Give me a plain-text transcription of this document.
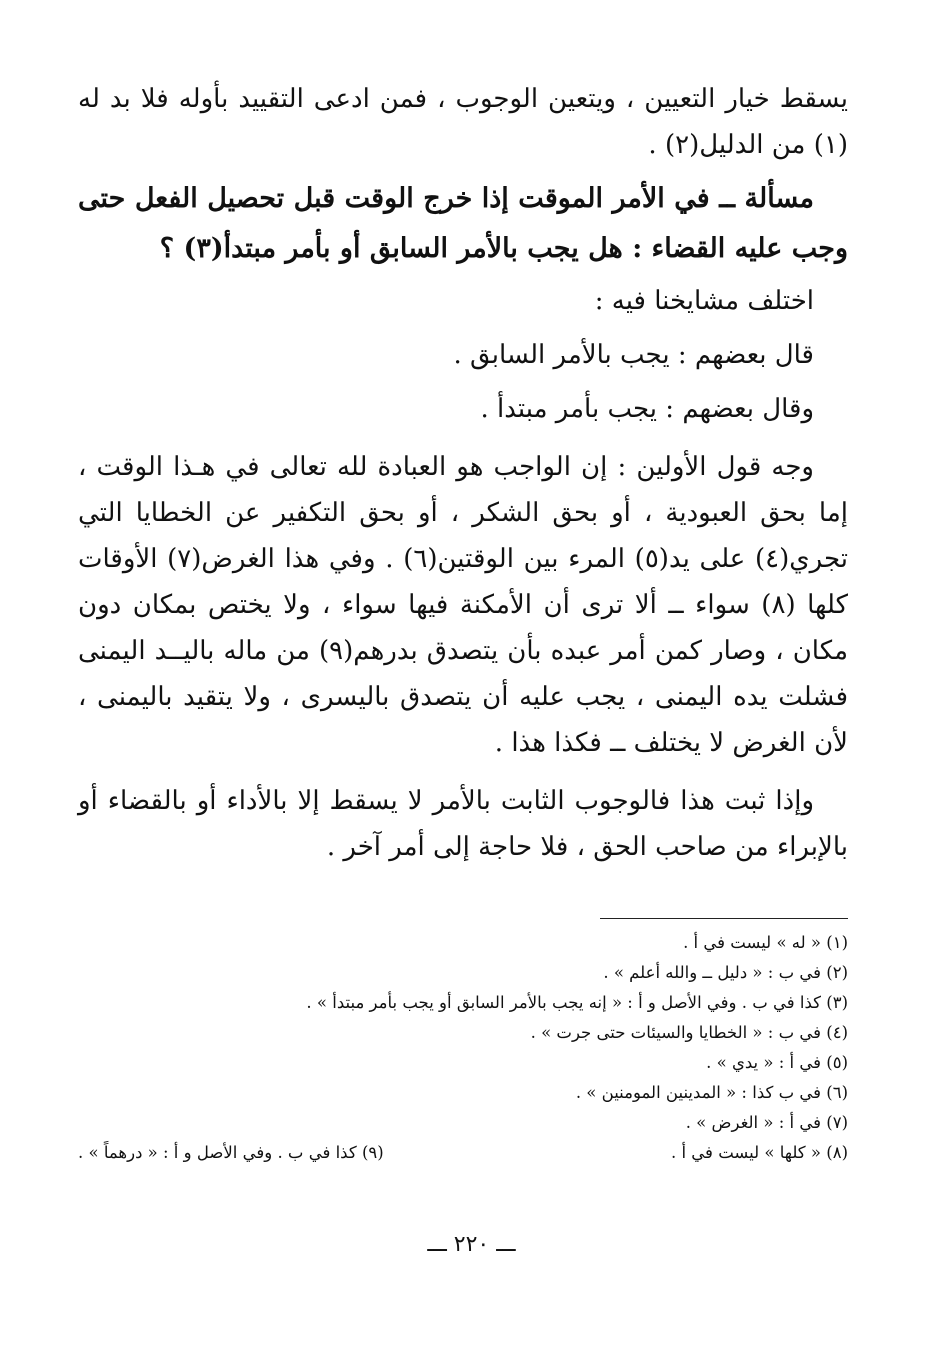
يسقط خيار التعيين ، ويتعين الوجوب ، فمن ادعى التقييد بأوله فلا بد له (١) من الدليل(٢) .

مسألة ــ في الأمر الموقت إذا خرج الوقت قبل تحصيل الفعل حتى وجب عليه القضاء : هل يجب بالأمر السابق أو بأمر مبتدأ(٣) ؟

اختلف مشايخنا فيه :

قال بعضهم : يجب بالأمر السابق .

وقال بعضهم : يجب بأمر مبتدأ .

وجه قول الأولين : إن الواجب هو العبادة لله تعالى في هـذا الوقت ، إما بحق العبودية ، أو بحق الشكر ، أو بحق التكفير عن الخطايا التي تجري(٤) على يد(٥) المرء بين الوقتين(٦) . وفي هذا الغرض(٧) الأوقات كلها (٨) سواء ــ ألا ترى أن الأمكنة فيها سواء ، ولا يختص بمكان دون مكان ، وصار كمن أمر عبده بأن يتصدق بدرهم(٩) من ماله باليــد اليمنى فشلت يده اليمنى ، يجب عليه أن يتصدق باليسرى ، ولا يتقيد باليمنى ، لأن الغرض لا يختلف ــ فكذا هذا .

وإذا ثبت هذا فالوجوب الثابت بالأمر لا يسقط إلا بالأداء أو بالقضاء أو بالإبراء من صاحب الحق ، فلا حاجة إلى أمر آخر .

(١) « له » ليست في أ .
(٢) في ب : « دليل ــ والله أعلم » .
(٣) كذا في ب . وفي الأصل و أ : « إنه يجب بالأمر السابق أو يجب بأمر مبتدأ » .
(٤) في ب : « الخطايا والسيئات حتى جرت » .
(٥) في أ : « يدي » .
(٦) في ب كذا : « المدينين المومنين » .
(٧) في أ : « الغرض » .
(٨) « كلها » ليست في أ .
(٩) كذا في ب . وفي الأصل و أ : « درهماً » .
ـــ ٢٢٠ ـــ
